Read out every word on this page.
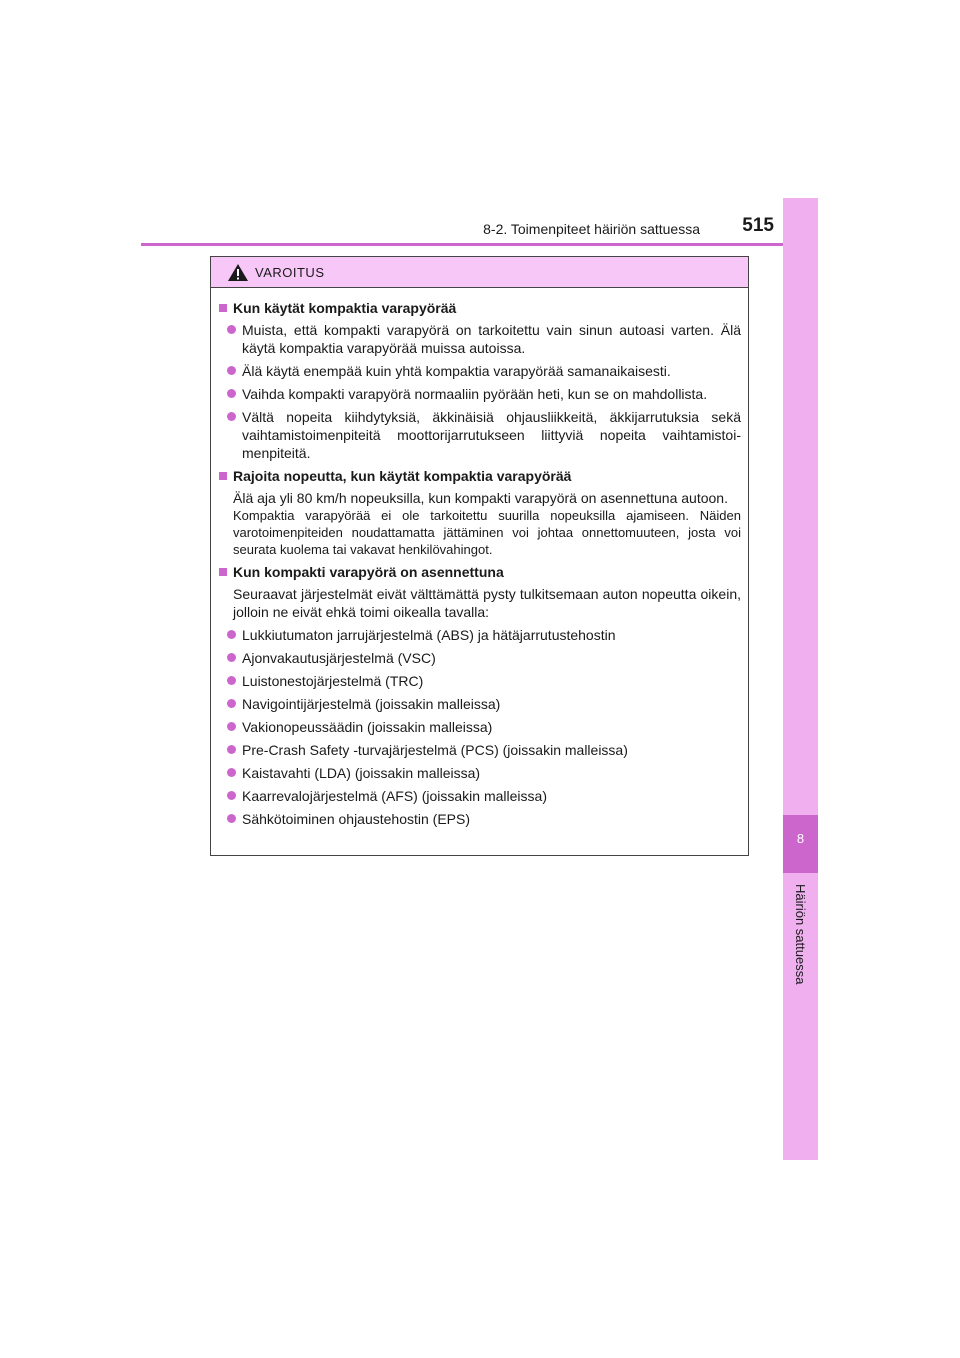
8-2. Toimenpiteet häiriön sattuessa	515
8
Häiriön sattuessa
VAROITUS
Kun käytät kompaktia varapyörää
Muista, että kompakti varapyörä on tarkoitettu vain sinun autoasi varten. Älä käytä kompaktia varapyörää muissa autoissa.
Älä käytä enempää kuin yhtä kompaktia varapyörää samanaikaisesti.
Vaihda kompakti varapyörä normaaliin pyörään heti, kun se on mahdollista.
Vältä nopeita kiihdytyksiä, äkkinäisiä ohjausliikkeitä, äkkijarrutuksia sekä vaihtamistoimenpiteitä moottorijarrutukseen liittyviä nopeita vaihtamistoi-menpiteitä.
Rajoita nopeutta, kun käytät kompaktia varapyörää
Älä aja yli 80 km/h nopeuksilla, kun kompakti varapyörä on asennettuna autoon.
Kompaktia varapyörää ei ole tarkoitettu suurilla nopeuksilla ajamiseen. Näiden varotoimenpiteiden noudattamatta jättäminen voi johtaa onnettomuuteen, josta voi seurata kuolema tai vakavat henkilövahingot.
Kun kompakti varapyörä on asennettuna
Seuraavat järjestelmät eivät välttämättä pysty tulkitsemaan auton nopeutta oikein, jolloin ne eivät ehkä toimi oikealla tavalla:
Lukkiutumaton jarrujärjestelmä (ABS) ja hätäjarrutustehostin
Ajonvakautusjärjestelmä (VSC)
Luistonestojärjestelmä (TRC)
Navigointijärjestelmä (joissakin malleissa)
Vakionopeussäädin (joissakin malleissa)
Pre-Crash Safety -turvajärjestelmä (PCS) (joissakin malleissa)
Kaistavahti (LDA) (joissakin malleissa)
Kaarrevalojärjestelmä (AFS) (joissakin malleissa)
Sähkötoiminen ohjaustehostin (EPS)
